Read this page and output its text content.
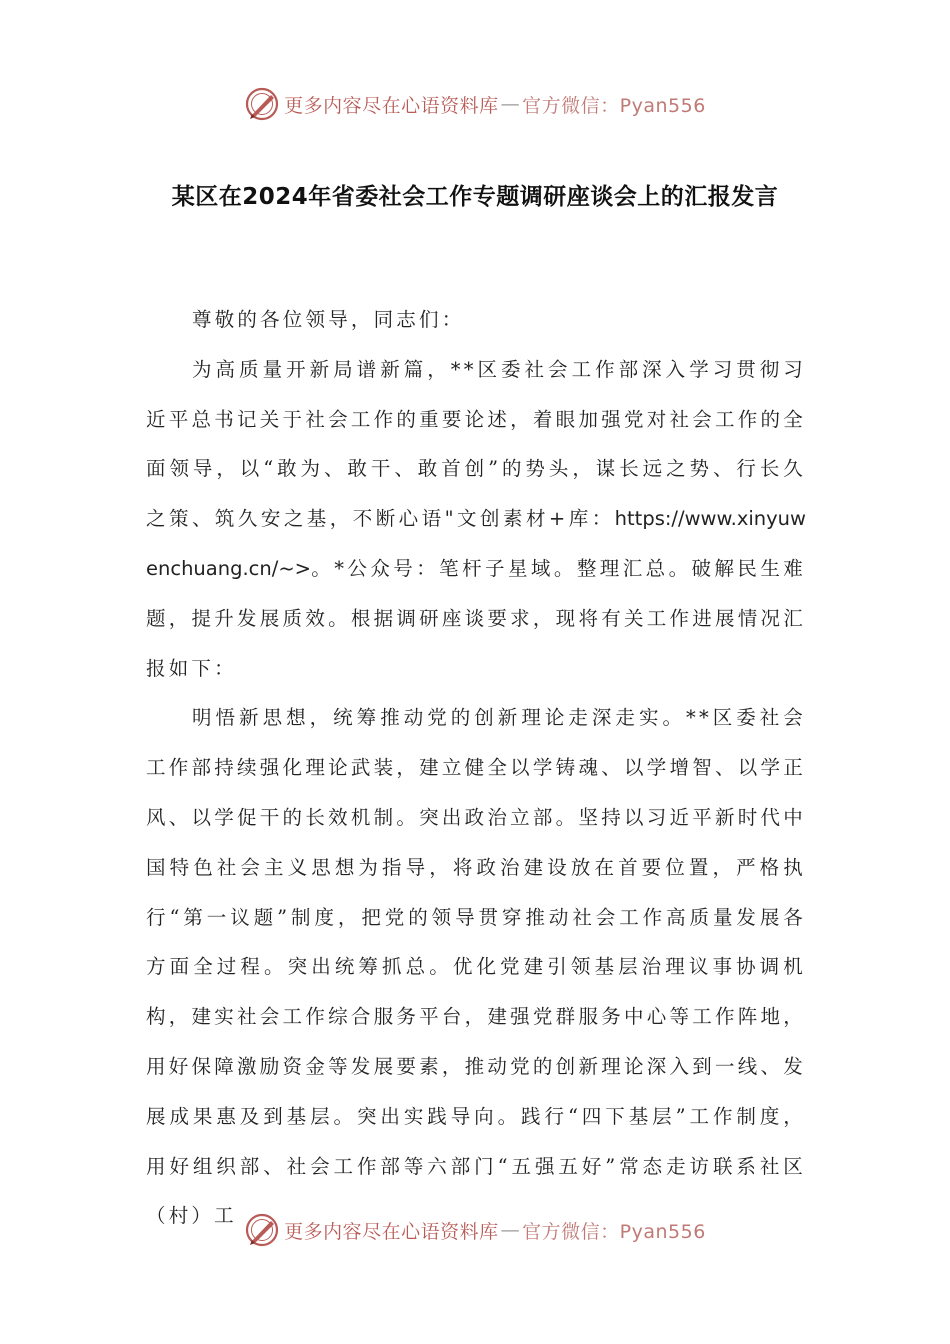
更多内容尽在心语资料库 — 官方微信：Pyan556
某区在2024年省委社会工作专题调研座谈会上的汇报发言

尊敬的各位领导，同志们：

为高质量开新局谱新篇，**区委社会工作部深入学习贯彻习近平总书记关于社会工作的重要论述，着眼加强党对社会工作的全面领导，以“敢为、敢干、敢首创”的势头，谋长远之势、行长久之策、筑久安之基，不断心语"文创素材+库：https://www.xinyuwenchuang.cn/~>。*公众号：笔杆子星域。整理汇总。破解民生难题，提升发展质效。根据调研座谈要求，现将有关工作进展情况汇报如下：

明悟新思想，统筹推动党的创新理论走深走实。**区委社会工作部持续强化理论武装，建立健全以学铸魂、以学增智、以学正风、以学促干的长效机制。突出政治立部。坚持以习近平新时代中国特色社会主义思想为指导，将政治建设放在首要位置，严格执行“第一议题”制度，把党的领导贯穿推动社会工作高质量发展各方面全过程。突出统筹抓总。优化党建引领基层治理议事协调机构，建实社会工作综合服务平台，建强党群服务中心等工作阵地，用好保障激励资金等发展要素，推动党的创新理论深入到一线、发展成果惠及到基层。突出实践导向。践行“四下基层”工作制度，用好组织部、社会工作部等六部门“五强五好”常态走访联系社区（村）工

更多内容尽在心语资料库 — 官方微信：Pyan556
